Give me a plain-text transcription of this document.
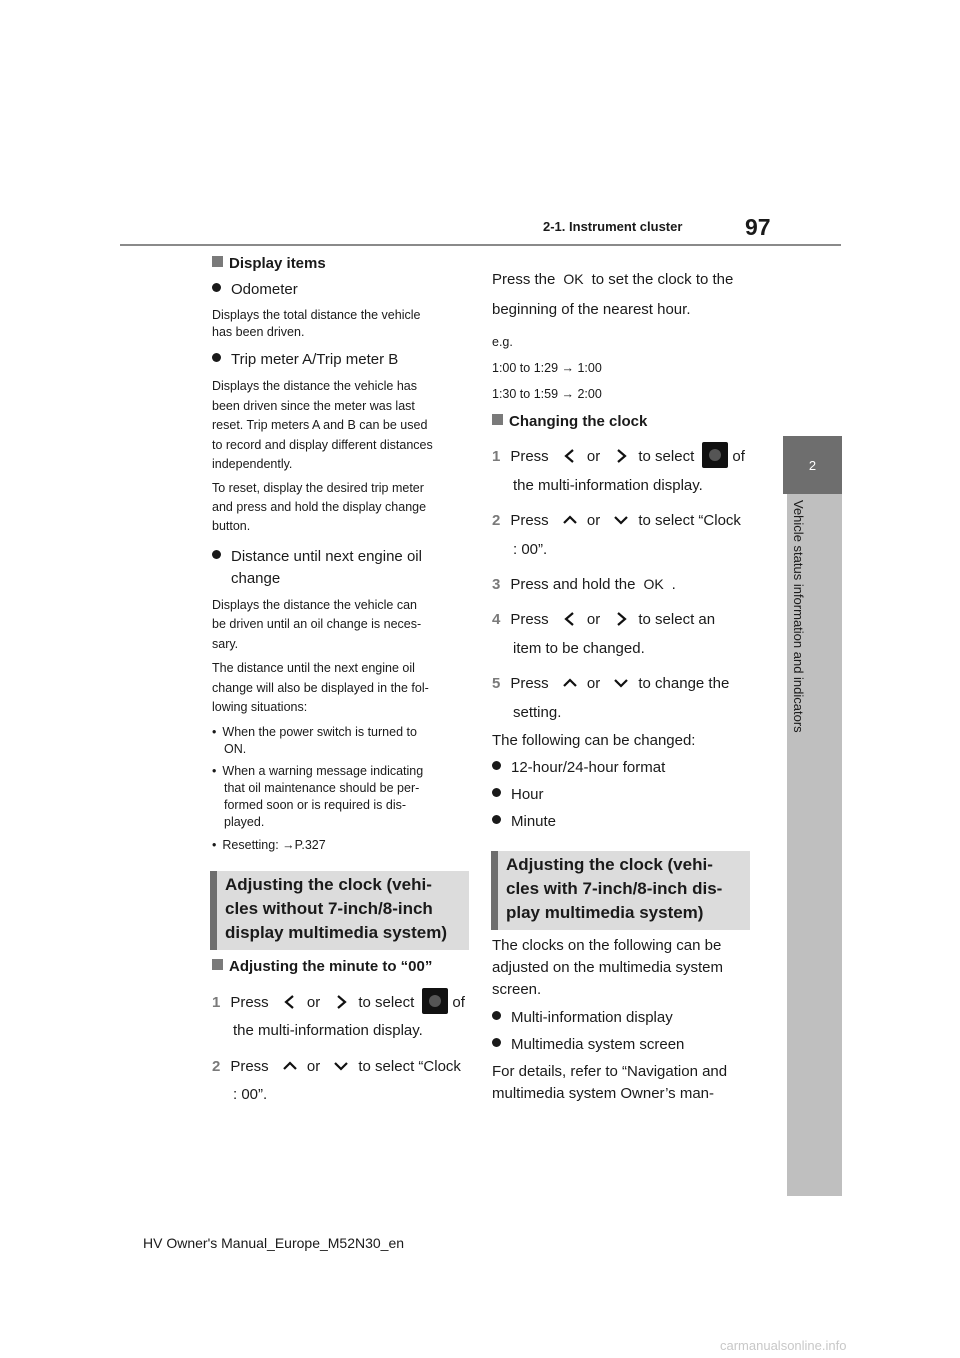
2-1. Instrument cluster	97
2
Vehicle status information and indicators
Display items
Odometer
Displays the total distance the vehicle
has been driven.
Trip meter A/Trip meter B
Displays the distance the vehicle has
been driven since the meter was last
reset. Trip meters A and B can be used
to record and display different distances
independently.
To reset, display the desired trip meter
and press and hold the display change
button.
Distance until next engine oil
change
Displays the distance the vehicle can
be driven until an oil change is neces-
sary.
The distance until the next engine oil
change will also be displayed in the fol-
lowing situations:
• When the power switch is turned to
ON.
• When a warning message indicating
that oil maintenance should be per-
formed soon or is required is dis-
played.
• Resetting: →P.327
Adjusting the clock (vehi-
cles without 7-inch/8-inch
display multimedia system)
Adjusting the minute to “00”
1 Press	or	to select	of
the multi-information display.
2 Press	or	to select “Clock
: 00”.
Press the OK to set the clock to the
beginning of the nearest hour.
e.g.
1:00 to 1:29 → 1:00
1:30 to 1:59 → 2:00
Changing the clock
1 Press	or	to select	of
the multi-information display.
2 Press	or	to select “Clock
: 00”.
3 Press and hold the OK .
4 Press	or	to select an
item to be changed.
5 Press	or	to change the
setting.
The following can be changed:
12-hour/24-hour format
Hour
Minute
Adjusting the clock (vehi-
cles with 7-inch/8-inch dis-
play multimedia system)
The clocks on the following can be
adjusted on the multimedia system
screen.
Multi-information display
Multimedia system screen
For details, refer to “Navigation and
multimedia system Owner’s man-
HV Owner's Manual_Europe_M52N30_en
carmanualsonline.info
